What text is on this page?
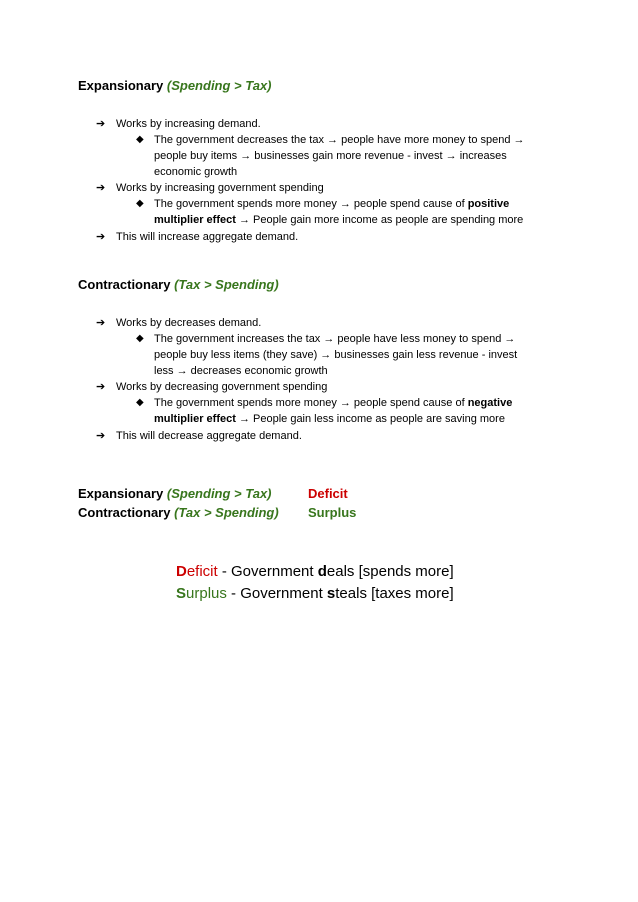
Expansionary (Spending > Tax)
➔ Works by increasing demand.
◆ The government decreases the tax → people have more money to spend →
people buy items → businesses gain more revenue - invest → increases
economic growth
➔ Works by increasing government spending
◆ The government spends more money → people spend cause of positive
multiplier effect → People gain more income as people are spending more
➔ This will increase aggregate demand.
Contractionary (Tax > Spending)
➔ Works by decreases demand.
◆ The government increases the tax → people have less money to spend →
people buy less items (they save) → businesses gain less revenue - invest
less → decreases economic growth
➔ Works by decreasing government spending
◆ The government spends more money → people spend cause of negative
multiplier effect → People gain less income as people are saving more
➔ This will decrease aggregate demand.
Expansionary (Spending > Tax)	Deficit
Contractionary (Tax > Spending) Surplus
Deficit - Government deals [spends more]
Surplus - Government steals [taxes more]
